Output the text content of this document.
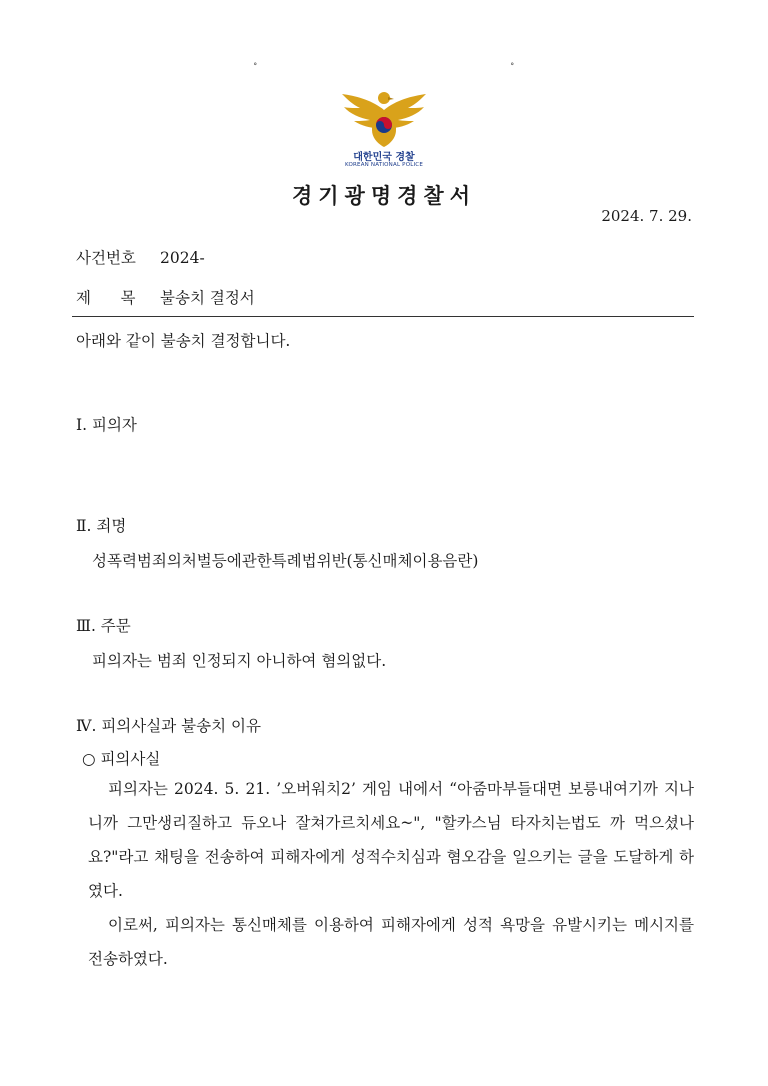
˚	˚
대한민국 경찰
KOREAN NATIONAL POLICE
경기광명경찰서
2024. 7. 29.
사건번호 2024-
제      목 불송치 결정서
아래와 같이 불송치 결정합니다.
Ⅰ. 피의자
Ⅱ. 죄명
성폭력범죄의처벌등에관한특례법위반(통신매체이용음란)
Ⅲ. 주문
피의자는 범죄 인정되지 아니하여 혐의없다.
Ⅳ. 피의사실과 불송치 이유
○ 피의사실
피의자는 2024. 5. 21. ’오버워치2’ 게임 내에서 “아줌마부들대면 보릉내여기까 지나니까 그만생리질하고 듀오나 잘쳐가르치세요~", "할카스님 타자치는법도 까 먹으셨나요?"라고 채팅을 전송하여 피해자에게 성적수치심과 혐오감을 일으키는 글을 도달하게 하였다.
이로써, 피의자는 통신매체를 이용하여 피해자에게 성적 욕망을 유발시키는 메시지를 전송하였다.
